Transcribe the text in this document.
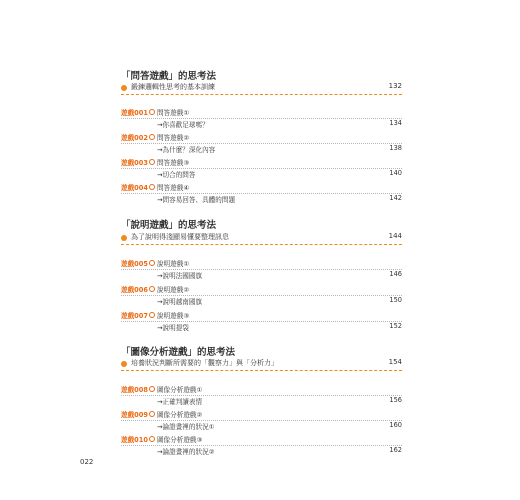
「問答遊戲」的思考法
鍛鍊邏輯性思考的基本訓練	132
遊戲001 問答遊戲①
→你喜歡足球嗎？	134
遊戲002 問答遊戲②
→為什麼？深化內容	138
遊戲003 問答遊戲③
→切合的問答	140
遊戲004 問答遊戲④
→問容易回答、具體的問題	142
「說明遊戲」的思考法
為了說明得淺顯易懂要整理訊息	144
遊戲005 說明遊戲①
→說明法國國旗	146
遊戲006 說明遊戲②
→說明越南國旗	150
遊戲007 說明遊戲③
→說明提袋	152
「圖像分析遊戲」的思考法
培養狀況判斷所需要的「觀察力」與「分析力」	154
遊戲008 圖像分析遊戲①
→正確判讀表情	156
遊戲009 圖像分析遊戲②
→論證畫裡的狀況①	160
遊戲010 圖像分析遊戲③
→論證畫裡的狀況②	162
022
